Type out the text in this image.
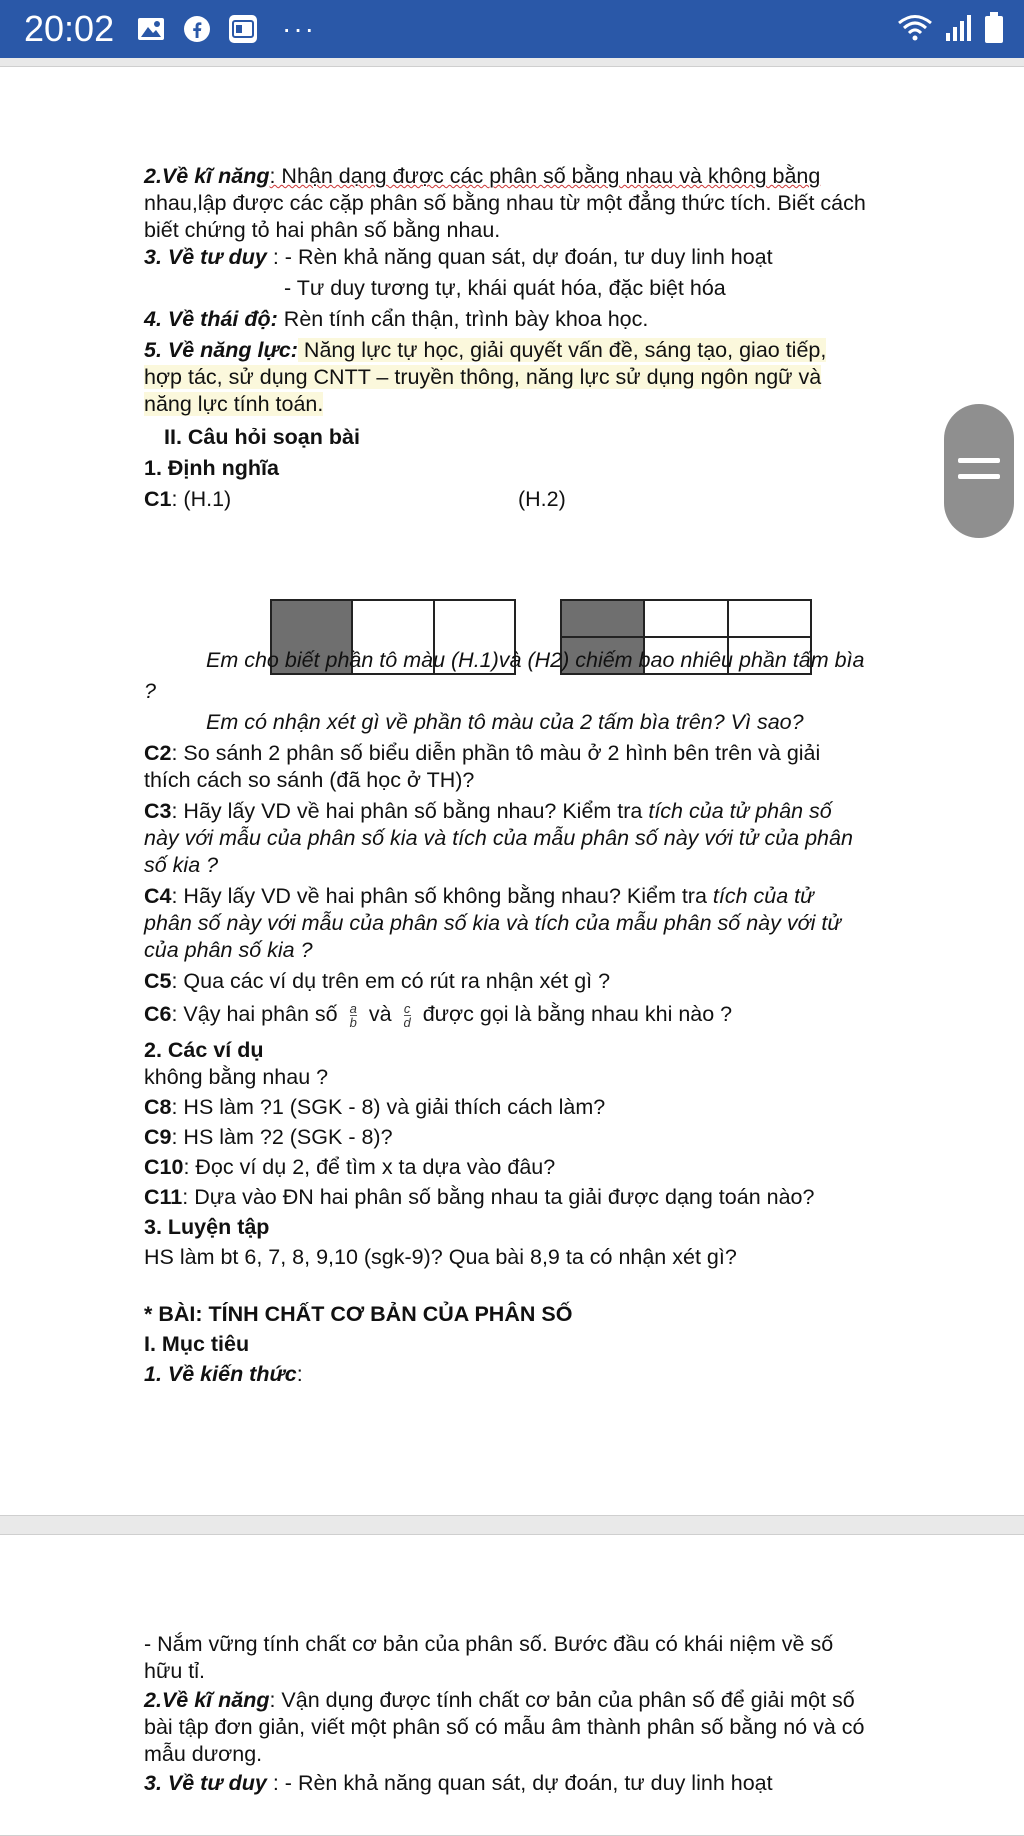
20:02	···
2.Về kĩ năng: Nhận dạng được các phân số bằng nhau và không bằng
nhau,lập được các cặp phân số bằng nhau từ một đẳng thức tích. Biết cách
biết chứng tỏ hai phân số bằng nhau.
3. Về tư duy : - Rèn khả năng quan sát, dự đoán, tư duy linh hoạt
- Tư duy tương tự, khái quát hóa, đặc biệt hóa
4. Về thái độ: Rèn tính cẩn thận, trình bày khoa học.
5. Về năng lực: Năng lực tự học, giải quyết vấn đề, sáng tạo, giao tiếp,
hợp tác, sử dụng CNTT – truyền thông, năng lực sử dụng ngôn ngữ và
năng lực tính toán.
II. Câu hỏi soạn bài
1. Định nghĩa
C1: (H.1)	(H.2)
Em cho biết phần tô màu (H.1)và (H2) chiếm bao nhiêu phần tấm bìa
?
Em có nhận xét gì về phần tô màu của 2 tấm bìa trên? Vì sao?
C2: So sánh 2 phân số biểu diễn phần tô màu ở 2 hình bên trên và giải
thích cách so sánh (đã học ở TH)?
C3: Hãy lấy VD về hai phân số bằng nhau? Kiểm tra tích của tử phân số
này với mẫu của phân số kia và tích của mẫu phân số này với tử của phân
số kia ?
C4: Hãy lấy VD về hai phân số không bằng nhau? Kiểm tra tích của tử
phân số này với mẫu của phân số kia và tích của mẫu phân số này với tử
của phân số kia ?
C5: Qua các ví dụ trên em có rút ra nhận xét gì ?
C6: Vậy hai phân số $\frac{a}{b}$ và $\frac{c}{d}$ được gọi là bằng nhau khi nào ?
2. Các ví dụ
không bằng nhau ?
C8: HS làm ?1 (SGK - 8) và giải thích cách làm?
C9: HS làm ?2 (SGK - 8)?
C10: Đọc ví dụ 2, để tìm x ta dựa vào đâu?
C11: Dựa vào ĐN hai phân số bằng nhau ta giải được dạng toán nào?
3. Luyện tập
HS làm bt 6, 7, 8, 9,10 (sgk-9)? Qua bài 8,9 ta có nhận xét gì?
* BÀI: TÍNH CHẤT CƠ BẢN CỦA PHÂN SỐ
I. Mục tiêu
1. Về kiến thức:
- Nắm vững tính chất cơ bản của phân số. Bước đầu có khái niệm về số
hữu tỉ.
2.Về kĩ năng: Vận dụng được tính chất cơ bản của phân số để giải một số
bài tập đơn giản, viết một phân số có mẫu âm thành phân số bằng nó và có
mẫu dương.
3. Về tư duy : - Rèn khả năng quan sát, dự đoán, tư duy linh hoạt
